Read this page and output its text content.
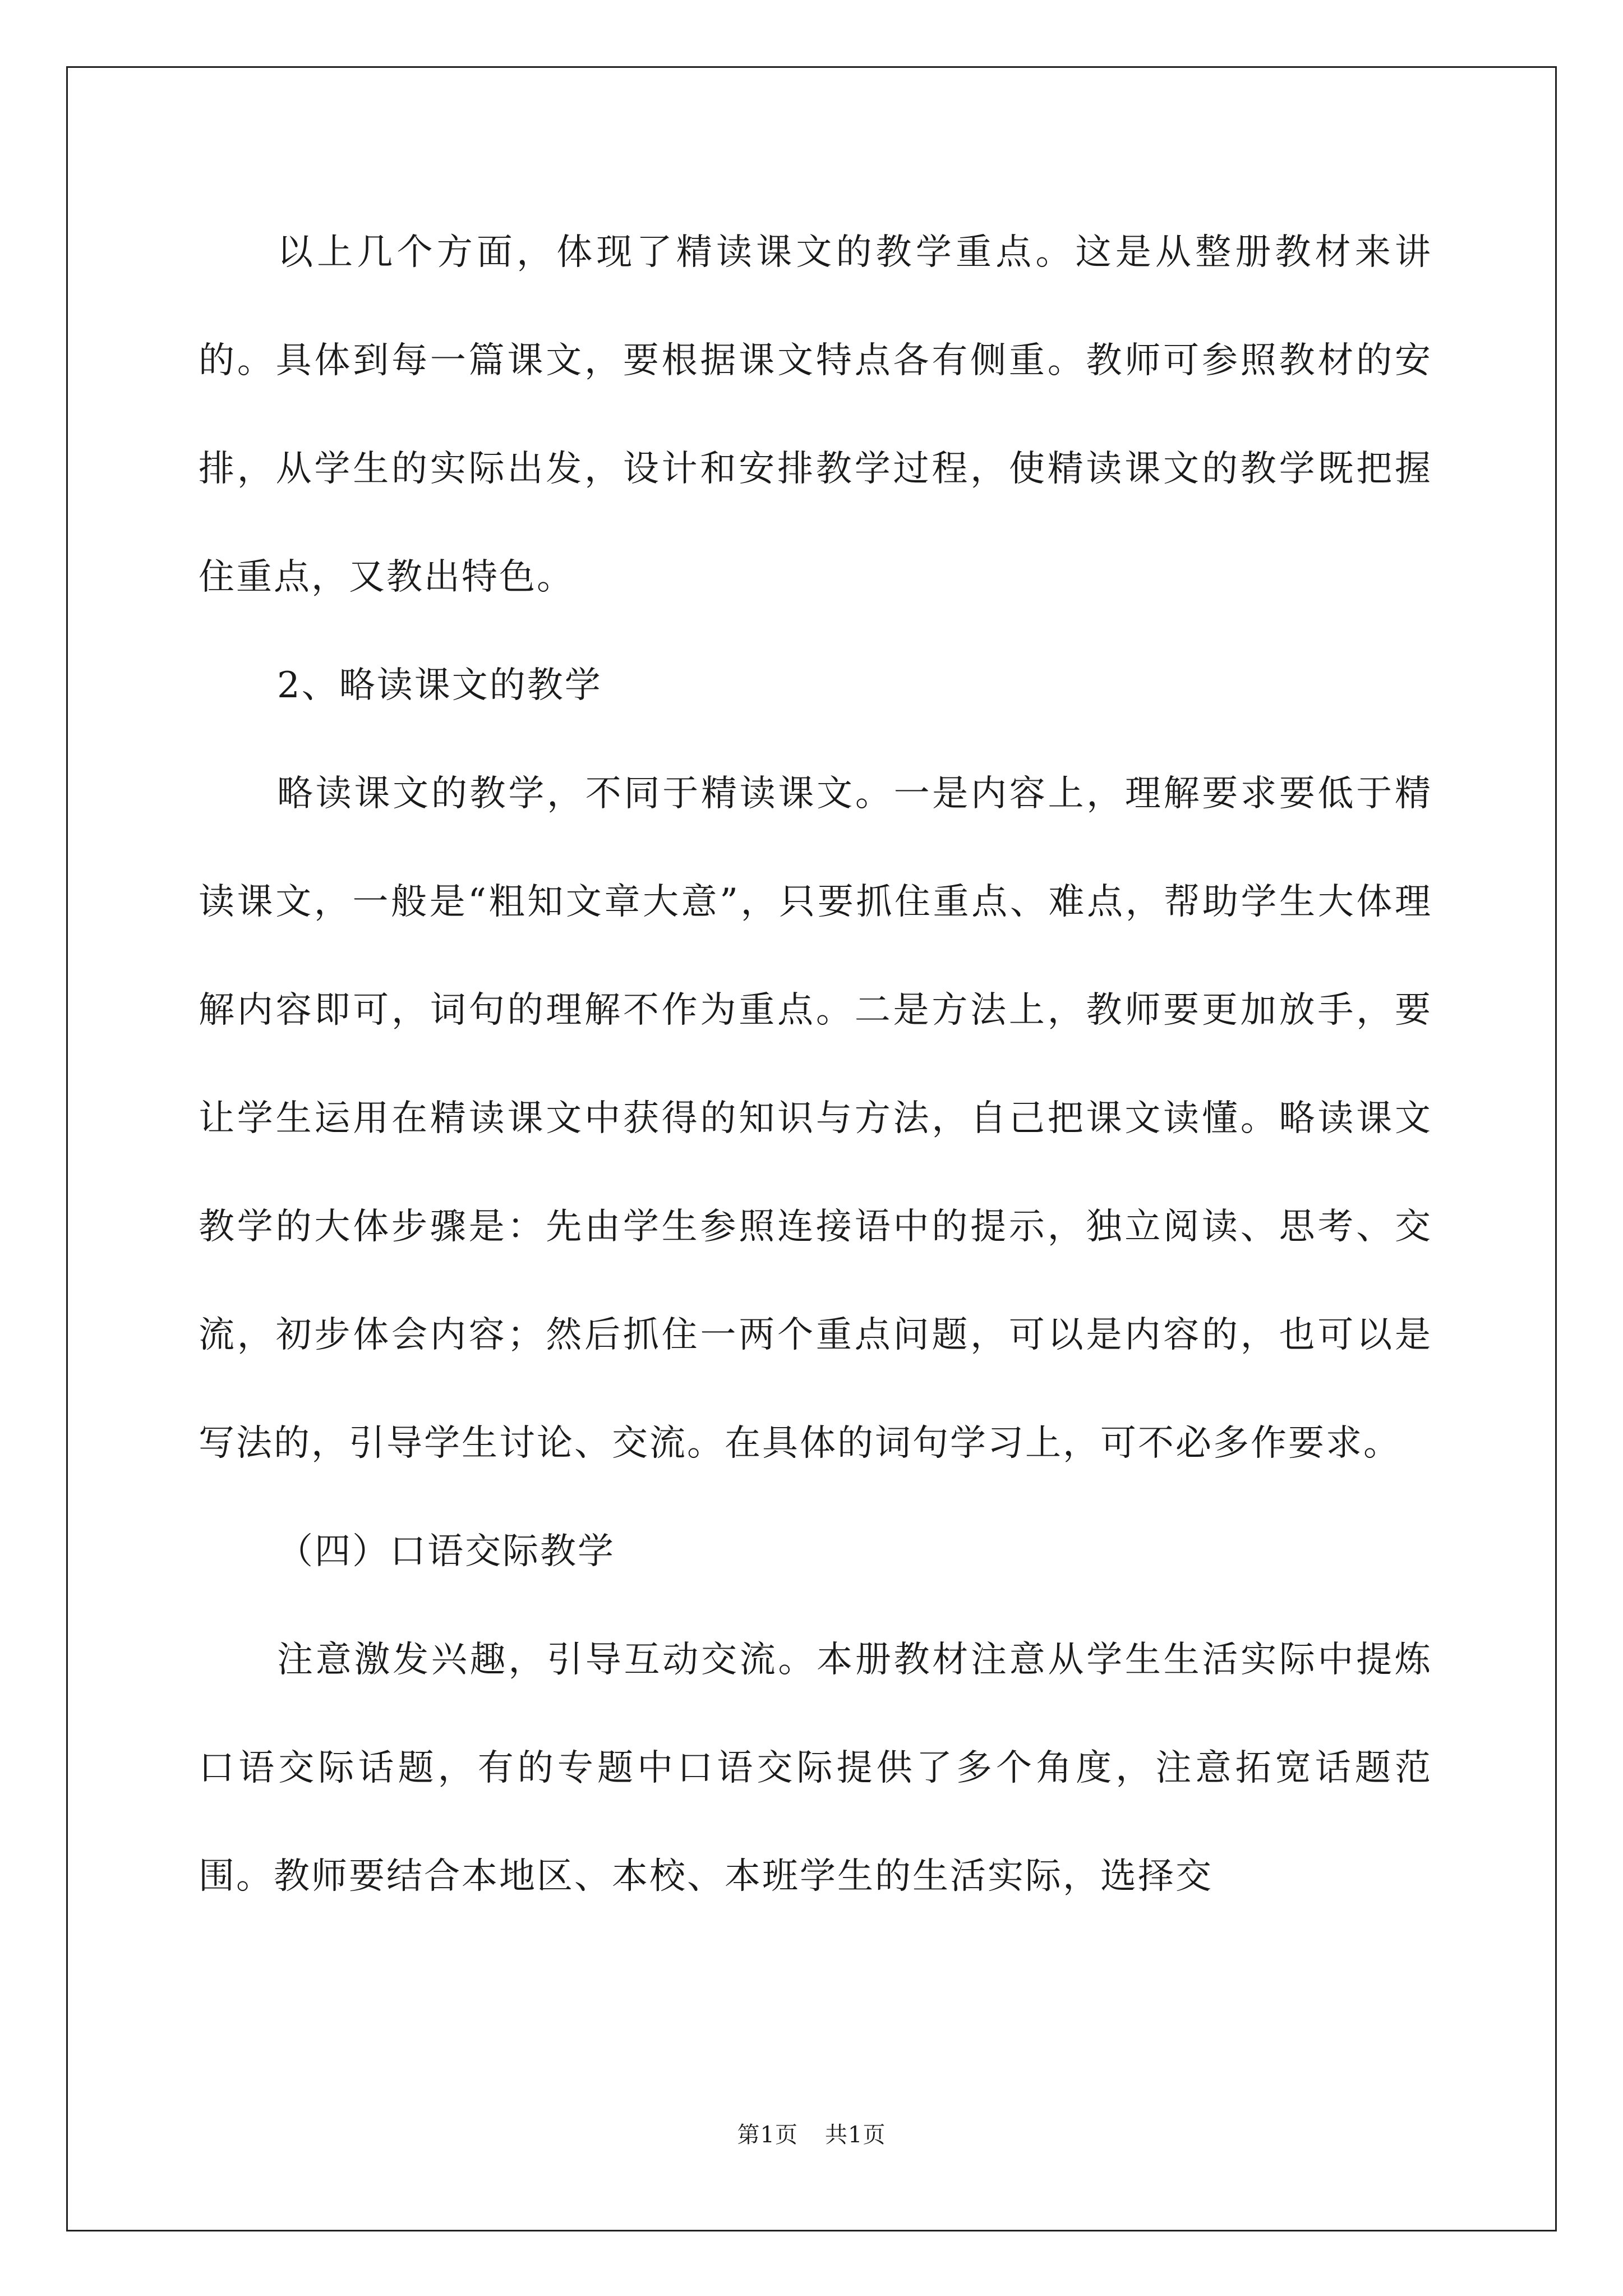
以上几个方面，体现了精读课文的教学重点。这是从整册教材来讲的。具体到每一篇课文，要根据课文特点各有侧重。教师可参照教材的安排，从学生的实际出发，设计和安排教学过程，使精读课文的教学既把握住重点，又教出特色。

2、略读课文的教学

略读课文的教学，不同于精读课文。一是内容上，理解要求要低于精读课文，一般是“粗知文章大意”，只要抓住重点、难点，帮助学生大体理解内容即可，词句的理解不作为重点。二是方法上，教师要更加放手，要让学生运用在精读课文中获得的知识与方法，自己把课文读懂。略读课文教学的大体步骤是：先由学生参照连接语中的提示，独立阅读、思考、交流，初步体会内容；然后抓住一两个重点问题，可以是内容的，也可以是写法的，引导学生讨论、交流。在具体的词句学习上，可不必多作要求。

（四）口语交际教学

注意激发兴趣，引导互动交流。本册教材注意从学生生活实际中提炼口语交际话题，有的专题中口语交际提供了多个角度，注意拓宽话题范围。教师要结合本地区、本校、本班学生的生活实际，选择交

第1页 共1页
